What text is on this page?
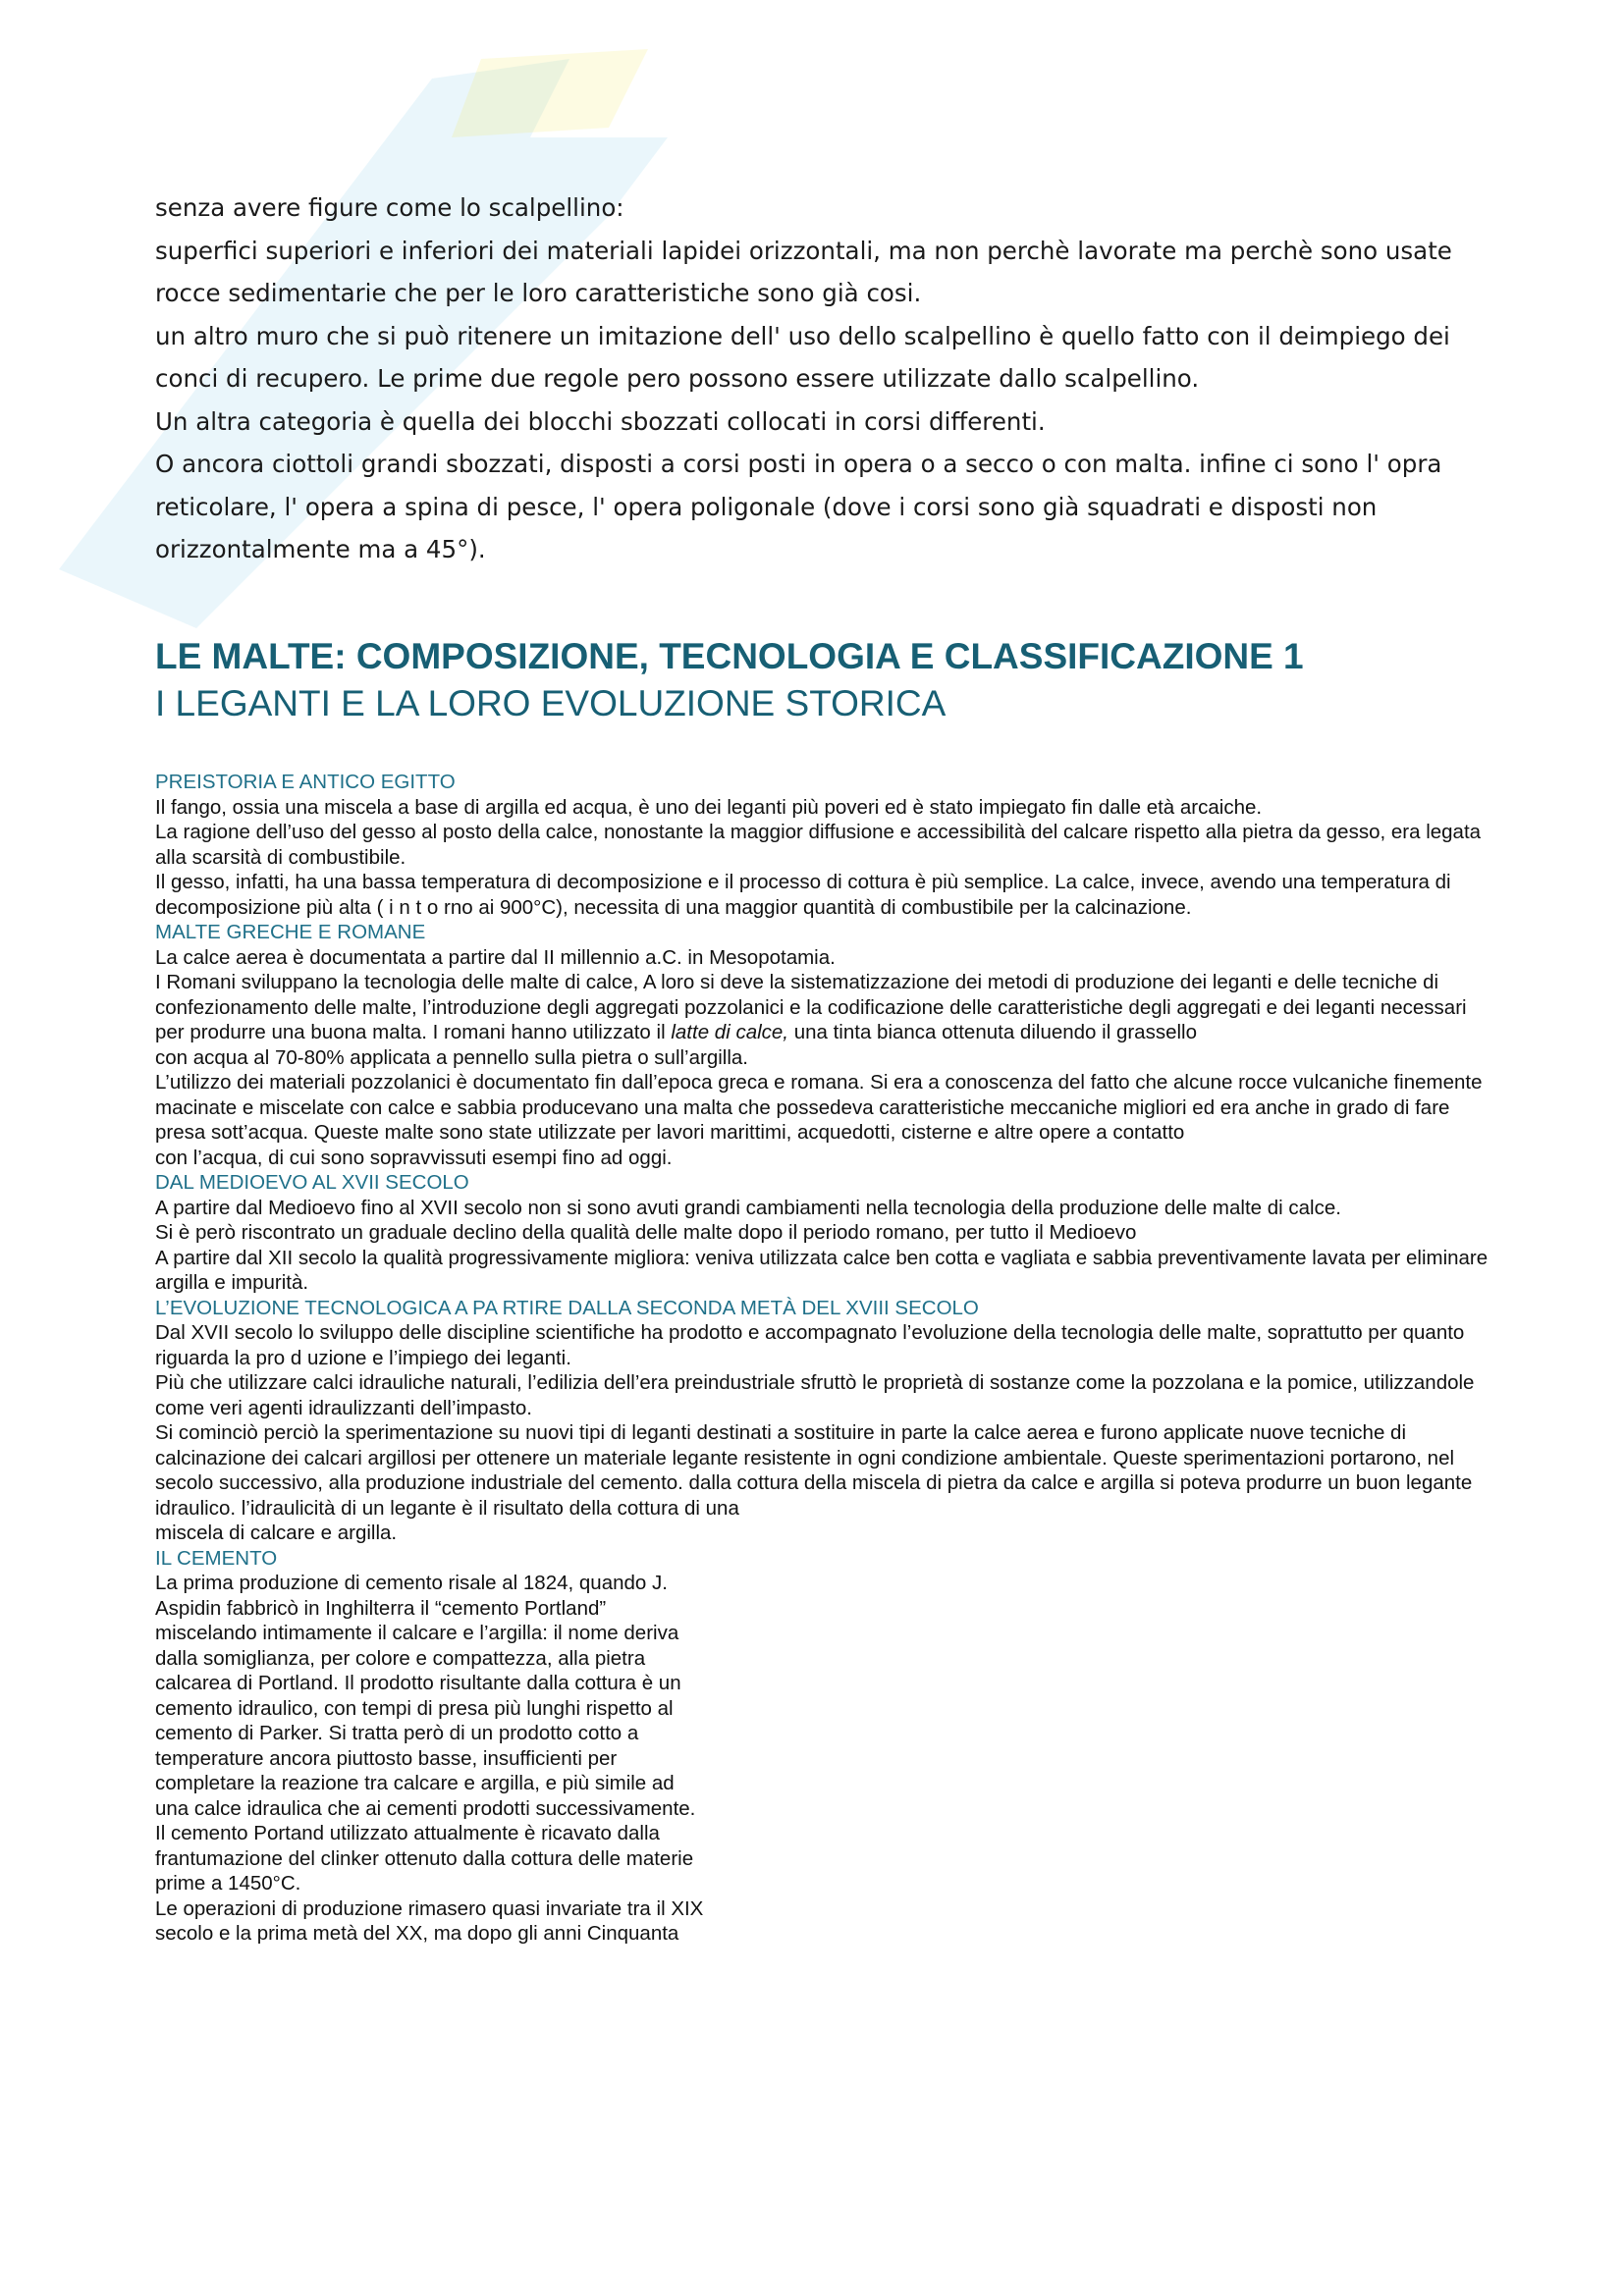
senza avere figure come lo scalpellino:

superfici superiori e inferiori dei materiali lapidei orizzontali, ma non perchè lavorate ma perchè sono usate rocce sedimentarie che per le loro caratteristiche sono già cosi.

un altro muro che si può ritenere un imitazione dell' uso dello scalpellino è quello fatto con il deimpiego dei conci di recupero. Le prime due regole pero possono essere utilizzate dallo scalpellino.

Un altra categoria è quella dei blocchi sbozzati collocati in corsi differenti.

O ancora ciottoli grandi sbozzati, disposti a corsi posti in opera o a secco o con malta. infine ci sono l' opra reticolare, l' opera a spina di pesce, l' opera poligonale (dove i corsi sono già squadrati e disposti non orizzontalmente ma a 45°).

LE MALTE: COMPOSIZIONE, TECNOLOGIA E CLASSIFICAZIONE 1
I LEGANTI E LA LORO EVOLUZIONE STORICA

PREISTORIA E ANTICO EGITTO

Il fango, ossia una miscela a base di argilla ed acqua, è uno dei leganti più poveri ed è stato impiegato fin dalle età arcaiche.

La ragione dell’uso del gesso al posto della calce, nonostante la maggior diffusione e accessibilità del calcare rispetto alla pietra da gesso, era legata alla scarsità di combustibile.

Il gesso, infatti, ha una bassa temperatura di decomposizione e il processo di cottura è più semplice. La calce, invece, avendo una temperatura di decomposizione più alta ( i n t o rno ai 900°C), necessita di una maggior quantità di combustibile per la calcinazione.

MALTE GRECHE E ROMANE

La calce aerea è documentata a partire dal II millennio a.C. in Mesopotamia.

I Romani sviluppano la tecnologia delle malte di calce, A loro si deve la sistematizzazione dei metodi di produzione dei leganti e delle tecniche di confezionamento delle malte, l’introduzione degli aggregati pozzolanici e la codificazione delle caratteristiche degli aggregati e dei leganti necessari per produrre una buona malta. I romani hanno utilizzato il latte di calce, una tinta bianca ottenuta diluendo il grassello

con acqua al 70-80% applicata a pennello sulla pietra o sull’argilla.

L’utilizzo dei materiali pozzolanici è documentato fin dall’epoca greca e romana. Si era a conoscenza del fatto che alcune rocce vulcaniche finemente macinate e miscelate con calce e sabbia producevano una malta che possedeva caratteristiche meccaniche migliori ed era anche in grado di fare presa sott’acqua. Queste malte sono state utilizzate per lavori marittimi, acquedotti, cisterne e altre opere a contatto

con l’acqua, di cui sono sopravvissuti esempi fino ad oggi.

DAL MEDIOEVO AL XVII SECOLO

A partire dal Medioevo fino al XVII secolo non si sono avuti grandi cambiamenti nella tecnologia della produzione delle malte di calce.

Si è però riscontrato un graduale declino della qualità delle malte dopo il periodo romano, per tutto il Medioevo

A partire dal XII secolo la qualità progressivamente migliora: veniva utilizzata calce ben cotta e vagliata e sabbia preventivamente lavata per eliminare argilla e impurità.

L’EVOLUZIONE TECNOLOGICA A PA RTIRE DALLA SECONDA METÀ DEL XVIII SECOLO

Dal XVII secolo lo sviluppo delle discipline scientifiche ha prodotto e accompagnato l’evoluzione della tecnologia delle malte, soprattutto per quanto riguarda la pro d uzione e l’impiego dei leganti.

Più che utilizzare calci idrauliche naturali, l’edilizia dell’era preindustriale sfruttò le proprietà di sostanze come la pozzolana e la pomice, utilizzandole come veri agenti idraulizzanti dell’impasto.

Si cominciò perciò la sperimentazione su nuovi tipi di leganti destinati a sostituire in parte la calce aerea e furono applicate nuove tecniche di calcinazione dei calcari argillosi per ottenere un materiale legante resistente in ogni condizione ambientale. Queste sperimentazioni portarono, nel secolo successivo, alla produzione industriale del cemento. dalla cottura della miscela di pietra da calce e argilla si poteva produrre un buon legante idraulico. l’idraulicità di un legante è il risultato della cottura di una

miscela di calcare e argilla.

IL CEMENTO

La prima produzione di cemento risale al 1824, quando J. Aspidin fabbricò in Inghilterra il “cemento Portland” miscelando intimamente il calcare e l’argilla: il nome deriva dalla somiglianza, per colore e compattezza, alla pietra calcarea di Portland. Il prodotto risultante dalla cottura è un cemento idraulico, con tempi di presa più lunghi rispetto al cemento di Parker. Si tratta però di un prodotto cotto a temperature ancora piuttosto basse, insufficienti per completare la reazione tra calcare e argilla, e più simile ad una calce idraulica che ai cementi prodotti successivamente.

Il cemento Portand utilizzato attualmente è ricavato dalla frantumazione del clinker ottenuto dalla cottura delle materie prime a 1450°C.

Le operazioni di produzione rimasero quasi invariate tra il XIX secolo e la prima metà del XX, ma dopo gli anni Cinquanta
